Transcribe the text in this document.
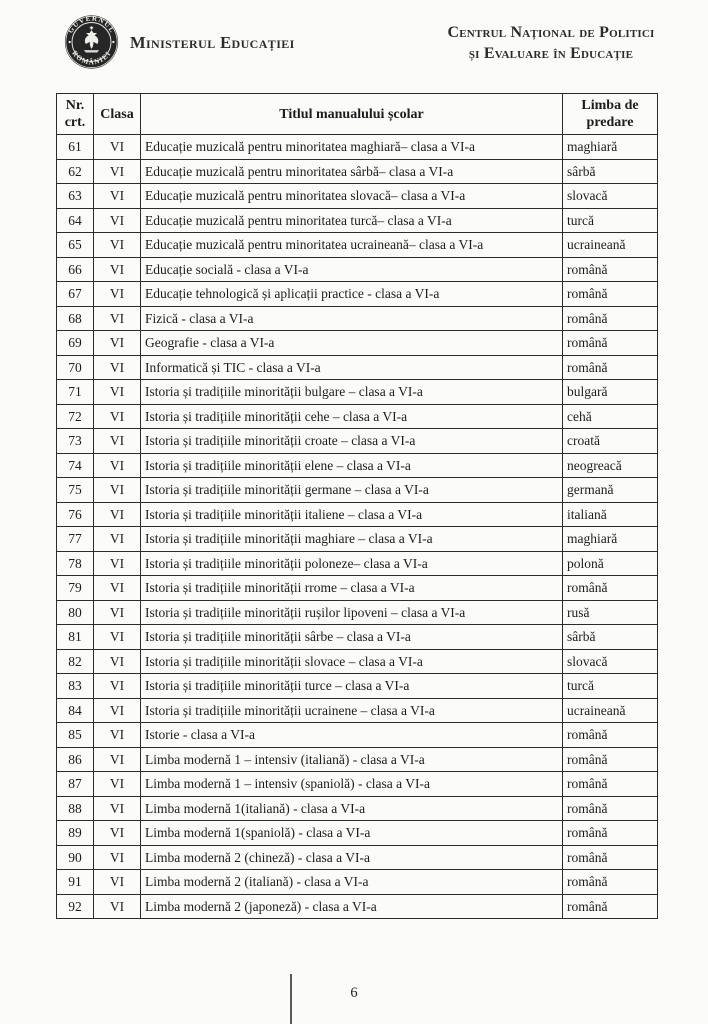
GUVERNUL
ROMÂNIEI
Ministerul Educației
Centrul Național de Politici
și Evaluare în Educație
Nr. crt.	Clasa	Titlul manualului școlar	Limba de predare
61	VI	Educație muzicală pentru minoritatea maghiară– clasa a VI-a	maghiară
62	VI	Educație muzicală pentru minoritatea sârbă– clasa a VI-a	sârbă
63	VI	Educație muzicală pentru minoritatea slovacă– clasa a VI-a	slovacă
64	VI	Educație muzicală pentru minoritatea turcă– clasa a VI-a	turcă
65	VI	Educație muzicală pentru minoritatea ucraineană– clasa a VI-a	ucraineană
66	VI	Educație socială - clasa a VI-a	română
67	VI	Educație tehnologică și aplicații practice - clasa a VI-a	română
68	VI	Fizică - clasa a VI-a	română
69	VI	Geografie - clasa a VI-a	română
70	VI	Informatică și TIC - clasa a VI-a	română
71	VI	Istoria și tradițiile minorității bulgare – clasa a VI-a	bulgară
72	VI	Istoria și tradițiile minorității cehe – clasa a VI-a	cehă
73	VI	Istoria și tradițiile minorității croate – clasa a VI-a	croată
74	VI	Istoria și tradițiile minorității elene – clasa a VI-a	neogreacă
75	VI	Istoria și tradițiile minorității germane – clasa a VI-a	germană
76	VI	Istoria și tradițiile minorității italiene – clasa a VI-a	italiană
77	VI	Istoria și tradițiile minorității maghiare – clasa a VI-a	maghiară
78	VI	Istoria și tradițiile minorității poloneze– clasa a VI-a	polonă
79	VI	Istoria și tradițiile minorității rrome – clasa a VI-a	română
80	VI	Istoria și tradițiile minorității rușilor lipoveni – clasa a VI-a	rusă
81	VI	Istoria și tradițiile minorității sârbe – clasa a VI-a	sârbă
82	VI	Istoria și tradițiile minorității slovace – clasa a VI-a	slovacă
83	VI	Istoria și tradițiile minorității turce – clasa a VI-a	turcă
84	VI	Istoria și tradițiile minorității ucrainene – clasa a VI-a	ucraineană
85	VI	Istorie - clasa a VI-a	română
86	VI	Limba modernă 1 – intensiv (italiană) - clasa a VI-a	română
87	VI	Limba modernă 1 – intensiv (spaniolă) - clasa a VI-a	română
88	VI	Limba modernă 1(italiană) - clasa a VI-a	română
89	VI	Limba modernă 1(spaniolă) - clasa a VI-a	română
90	VI	Limba modernă 2 (chineză) - clasa a VI-a	română
91	VI	Limba modernă 2 (italiană) - clasa a VI-a	română
92	VI	Limba modernă 2 (japoneză) - clasa a VI-a	română
6
